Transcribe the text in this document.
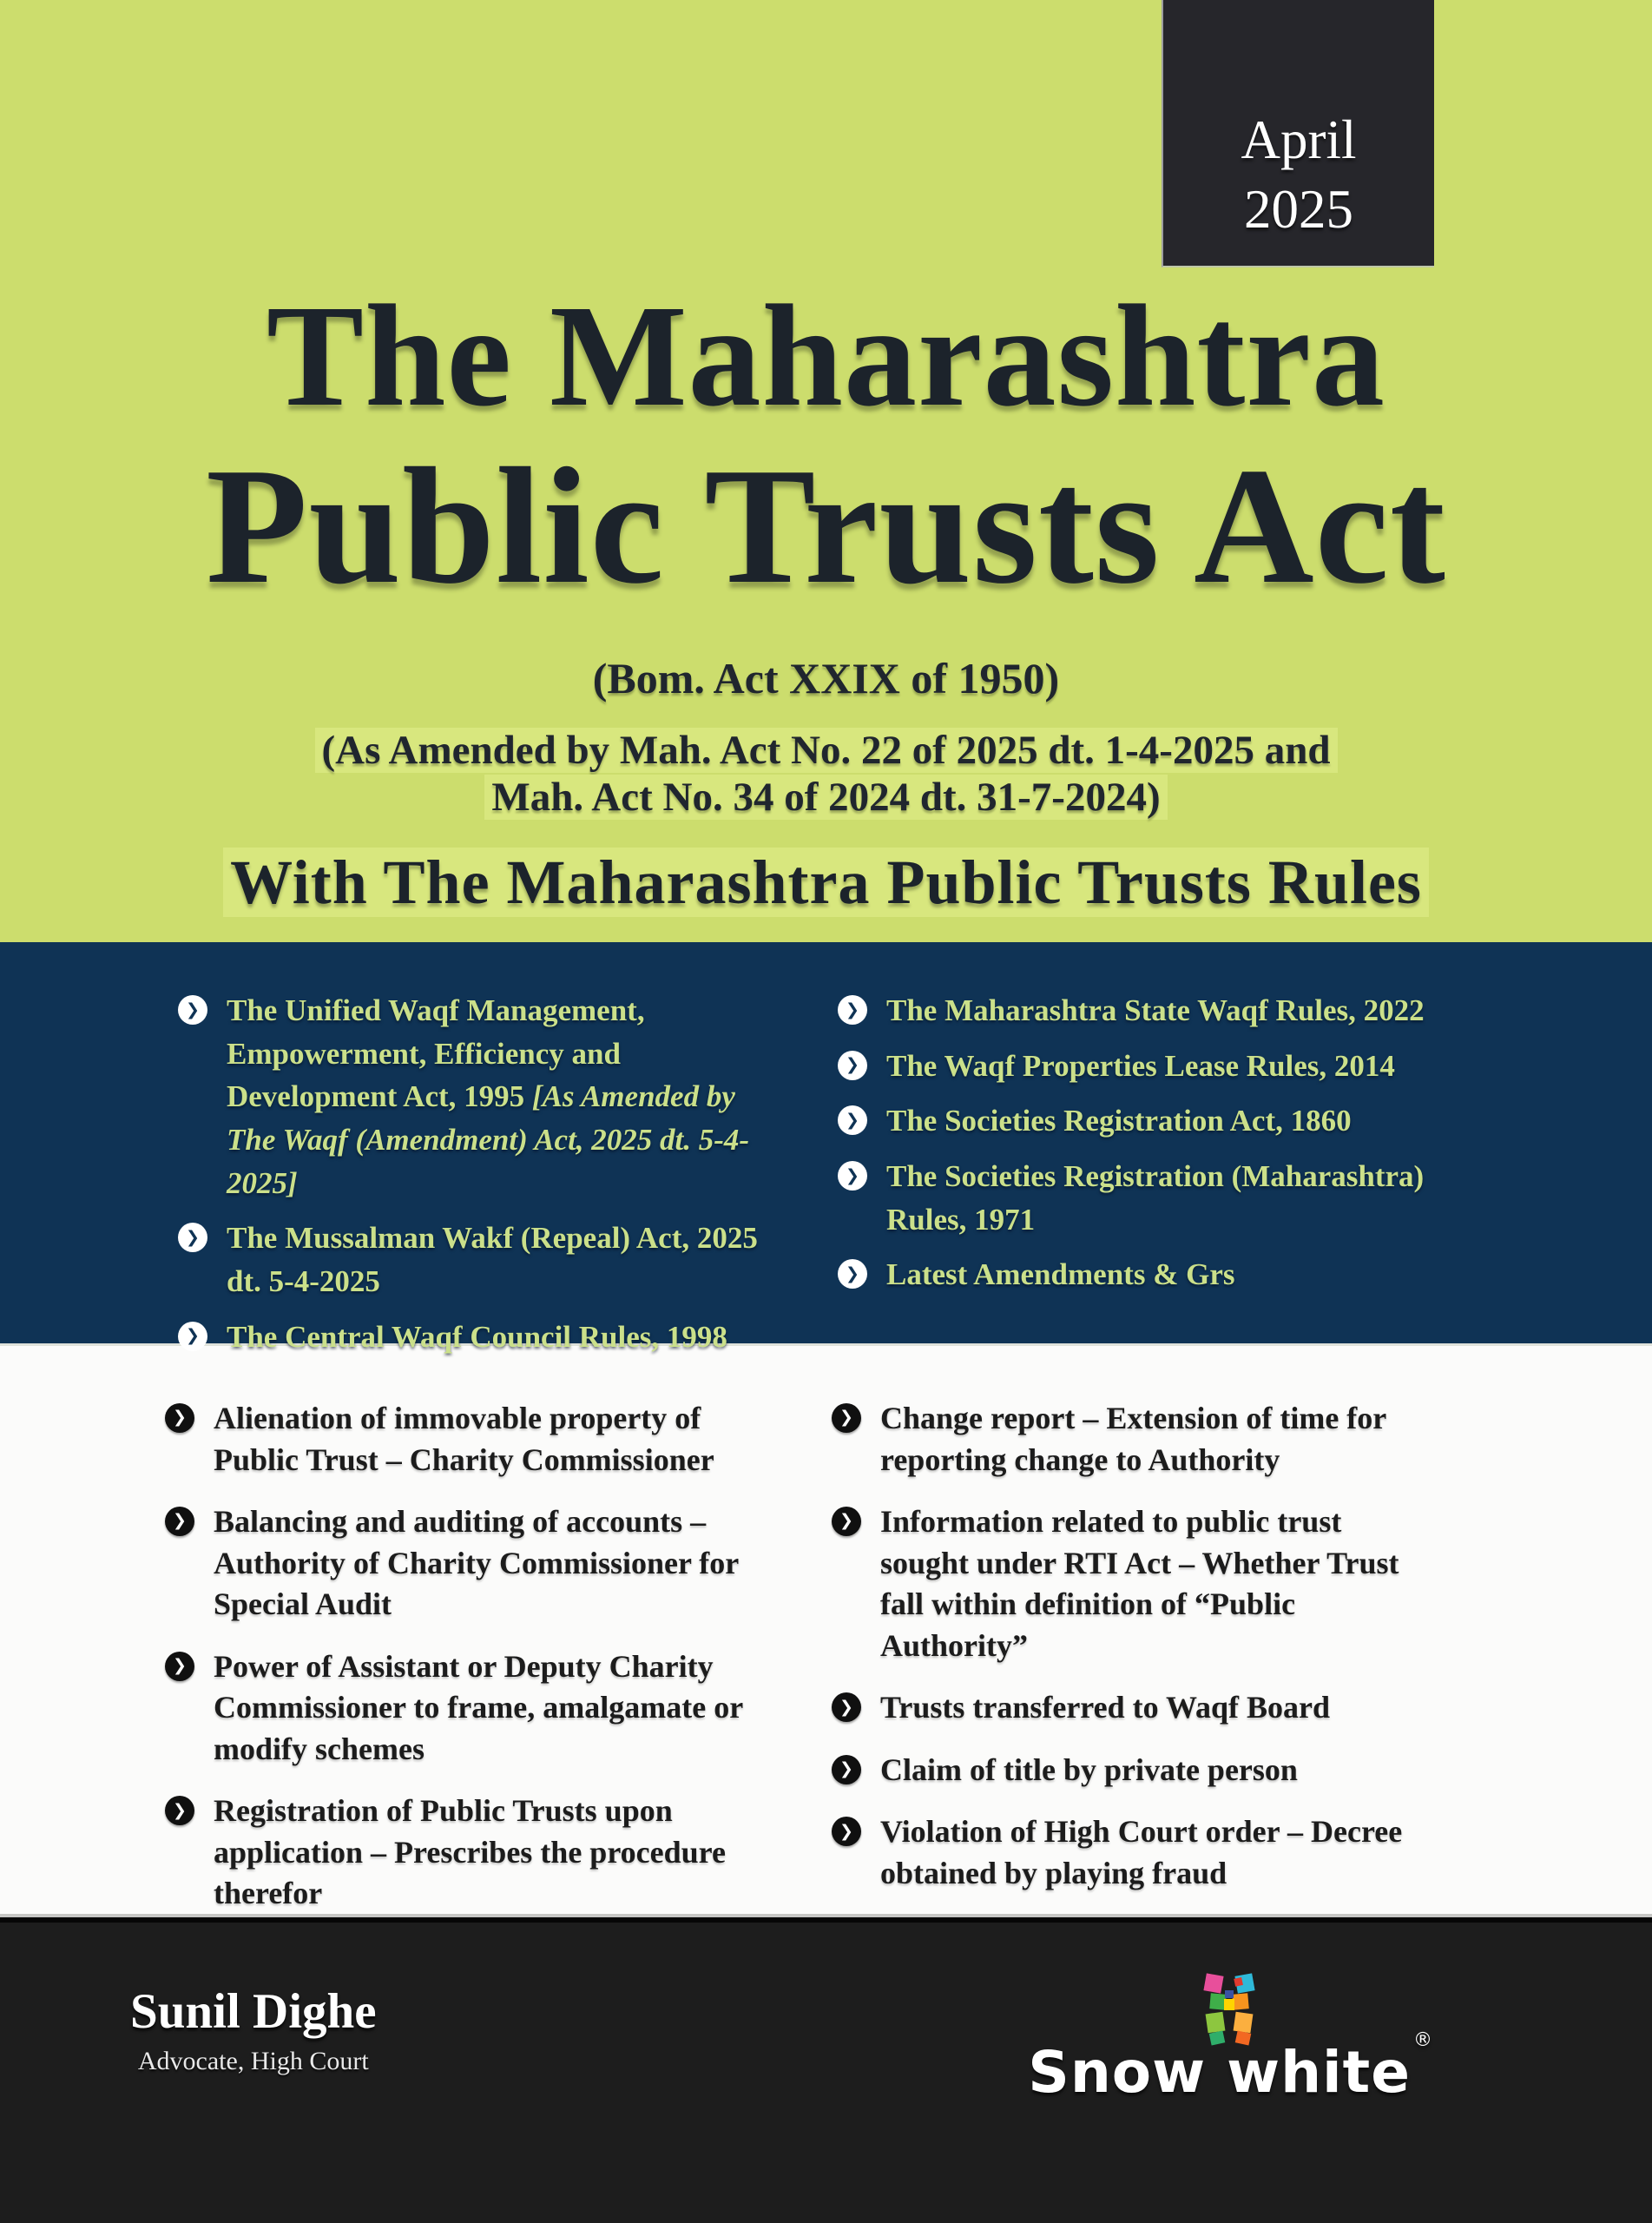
April
2025
The Maharashtra
Public Trusts Act
(Bom. Act XXIX of 1950)
(As Amended by Mah. Act No. 22 of 2025 dt. 1-4-2025 and
Mah. Act No. 34 of 2024 dt. 31-7-2024)
With The Maharashtra Public Trusts Rules
❯ The Unified Waqf Management, Empowerment, Efficiency and Development Act, 1995 [As Amended by The Waqf (Amendment) Act, 2025 dt. 5-4-2025]
❯ The Mussalman Wakf (Repeal) Act, 2025 dt. 5-4-2025
❯ The Central Waqf Council Rules, 1998
❯ The Maharashtra State Waqf Rules, 2022
❯ The Waqf Properties Lease Rules, 2014
❯ The Societies Registration Act, 1860
❯ The Societies Registration (Maharashtra) Rules, 1971
❯ Latest Amendments & Grs
❯ Alienation of immovable property of Public Trust – Charity Commissioner
❯ Balancing and auditing of accounts – Authority of Charity Commissioner for Special Audit
❯ Power of Assistant or Deputy Charity Commissioner to frame, amalgamate or modify schemes
❯ Registration of Public Trusts upon application – Prescribes the procedure therefor
❯ Change report – Extension of time for reporting change to Authority
❯ Information related to public trust sought under RTI Act – Whether Trust fall within definition of “Public Authority”
❯ Trusts transferred to Waqf Board
❯ Claim of title by private person
❯ Violation of High Court order – Decree obtained by playing fraud
Sunil Dighe
Advocate, High Court	Snow white ®
